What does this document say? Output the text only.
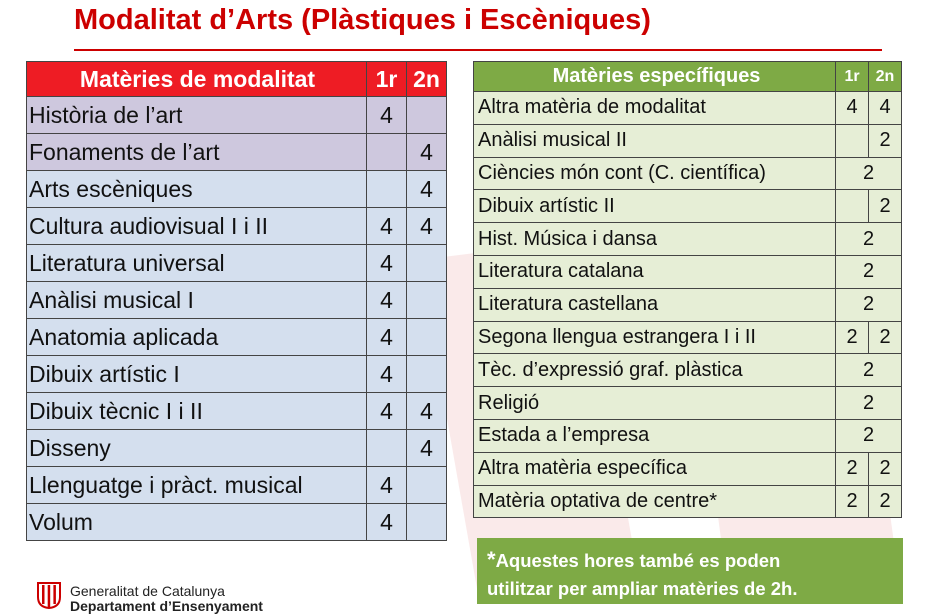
Modalitat d’Arts (Plàstiques i Escèniques)
Matèries de modalitat	1r	2n
Història de l’art	4	
Fonaments de l’art		4
Arts escèniques		4
Cultura audiovisual I i II	4	4
Literatura universal	4	
Anàlisi musical I	4	
Anatomia aplicada	4	
Dibuix artístic I	4	
Dibuix tècnic I i II	4	4
Disseny		4
Llenguatge i pràct. musical	4	
Volum	4	
Matèries específiques	1r	2n
Altra matèria de modalitat	4	4
Anàlisi musical II		2
Ciències món cont (C. científica)	2	
Dibuix artístic II		2
Hist. Música i dansa	2	
Literatura catalana	2	
Literatura castellana	2	
Segona llengua estrangera I i II	2	2
Tèc. d’expressió graf. plàstica	2	
Religió	2	
Estada a l’empresa	2	
Altra matèria específica	2	2
Matèria optativa de centre*	2	2
*Aquestes hores també es poden
utilitzar per ampliar matèries de 2h.
Generalitat de Catalunya
Departament d’Ensenyament
